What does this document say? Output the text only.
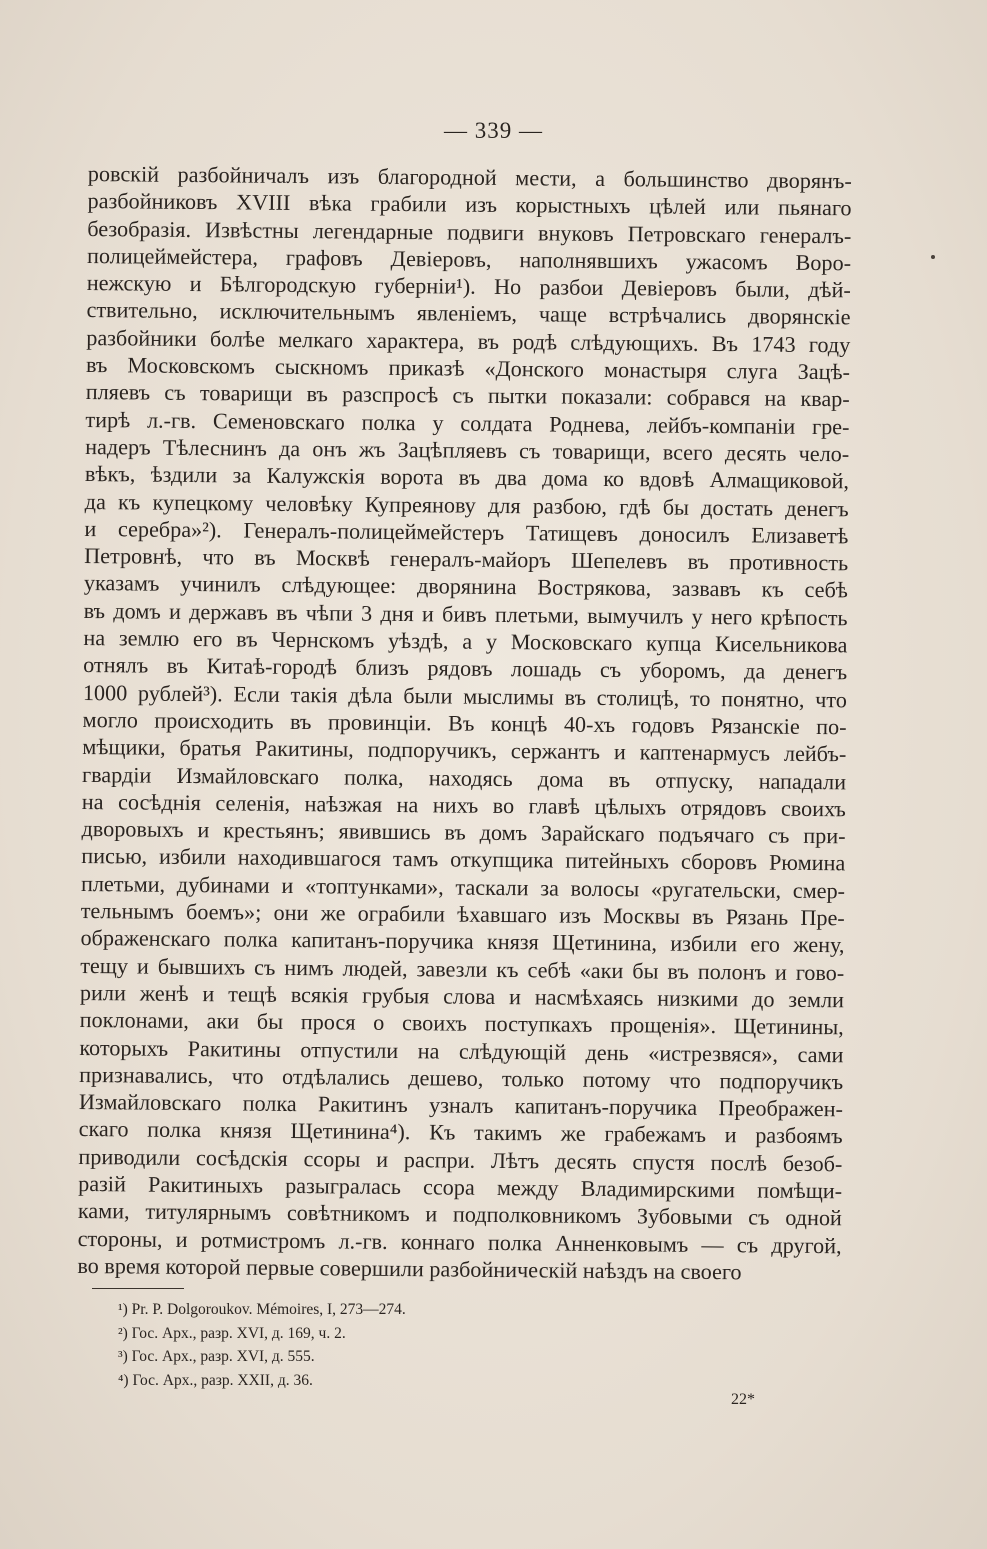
— 339 —
ровскій разбойничалъ изъ благородной мести, а большинство дворянъ-
разбойниковъ XVIII вѣка грабили изъ корыстныхъ цѣлей или пьянаго
безобразія. Извѣстны легендарные подвиги внуковъ Петровскаго генералъ-
полицеймейстера, графовъ Девіеровъ, наполнявшихъ ужасомъ Воро-
нежскую и Бѣлгородскую губерніи¹). Но разбои Девіеровъ были, дѣй-
ствительно, исключительнымъ явленіемъ, чаще встрѣчались дворянскіе
разбойники болѣе мелкаго характера, въ родѣ слѣдующихъ. Въ 1743 году
въ Московскомъ сыскномъ приказѣ «Донского монастыря слуга Зацѣ-
пляевъ съ товарищи въ разспросѣ съ пытки показали: собрався на квар-
тирѣ л.-гв. Семеновскаго полка у солдата Роднева, лейбъ-компаніи гре-
надеръ Тѣлеснинъ да онъ жъ Зацѣпляевъ съ товарищи, всего десять чело-
вѣкъ, ѣздили за Калужскія ворота въ два дома ко вдовѣ Алмащиковой,
да къ купецкому человѣку Купреянову для разбою, гдѣ бы достать денегъ
и серебра»²). Генералъ-полицеймейстеръ Татищевъ доносилъ Елизаветѣ
Петровнѣ, что въ Москвѣ генералъ-майоръ Шепелевъ въ противность
указамъ учинилъ слѣдующее: дворянина Вострякова, зазвавъ къ себѣ
въ домъ и державъ въ чѣпи 3 дня и бивъ плетьми, вымучилъ у него крѣпость
на землю его въ Чернскомъ уѣздѣ, а у Московскаго купца Кисельникова
отнялъ въ Китаѣ-городѣ близъ рядовъ лошадь съ уборомъ, да денегъ
1000 рублей³). Если такія дѣла были мыслимы въ столицѣ, то понятно, что
могло происходить въ провинціи. Въ концѣ 40-хъ годовъ Рязанскіе по-
мѣщики, братья Ракитины, подпоручикъ, сержантъ и каптенармусъ лейбъ-
гвардіи Измайловскаго полка, находясь дома въ отпуску, нападали
на сосѣднія селенія, наѣзжая на нихъ во главѣ цѣлыхъ отрядовъ своихъ
дворовыхъ и крестьянъ; явившись въ домъ Зарайскаго подъячаго съ при-
писью, избили находившагося тамъ откупщика питейныхъ сборовъ Рюмина
плетьми, дубинами и «топтунками», таскали за волосы «ругательски, смер-
тельнымъ боемъ»; они же ограбили ѣхавшаго изъ Москвы въ Рязань Пре-
ображенскаго полка капитанъ-поручика князя Щетинина, избили его жену,
тещу и бывшихъ съ нимъ людей, завезли къ себѣ «аки бы въ полонъ и гово-
рили женѣ и тещѣ всякія грубыя слова и насмѣхаясь низкими до земли
поклонами, аки бы прося о своихъ поступкахъ прощенія». Щетинины,
которыхъ Ракитины отпустили на слѣдующій день «истрезвяся», сами
признавались, что отдѣлались дешево, только потому что подпоручикъ
Измайловскаго полка Ракитинъ узналъ капитанъ-поручика Преображен-
скаго полка князя Щетинина⁴). Къ такимъ же грабежамъ и разбоямъ
приводили сосѣдскія ссоры и распри. Лѣтъ десять спустя послѣ безоб-
разій Ракитиныхъ разыгралась ссора между Владимирскими помѣщи-
ками, титулярнымъ совѣтникомъ и подполковникомъ Зубовыми съ одной
стороны, и ротмистромъ л.-гв. коннаго полка Анненковымъ — съ другой,
во время которой первые совершили разбойническій наѣздъ на своего
¹) Pr. P. Dolgoroukov. Mémoires, I, 273—274.
²) Гос. Арх., разр. XVI, д. 169, ч. 2.
³) Гос. Арх., разр. XVI, д. 555.
⁴) Гос. Арх., разр. XXII, д. 36.
22*
